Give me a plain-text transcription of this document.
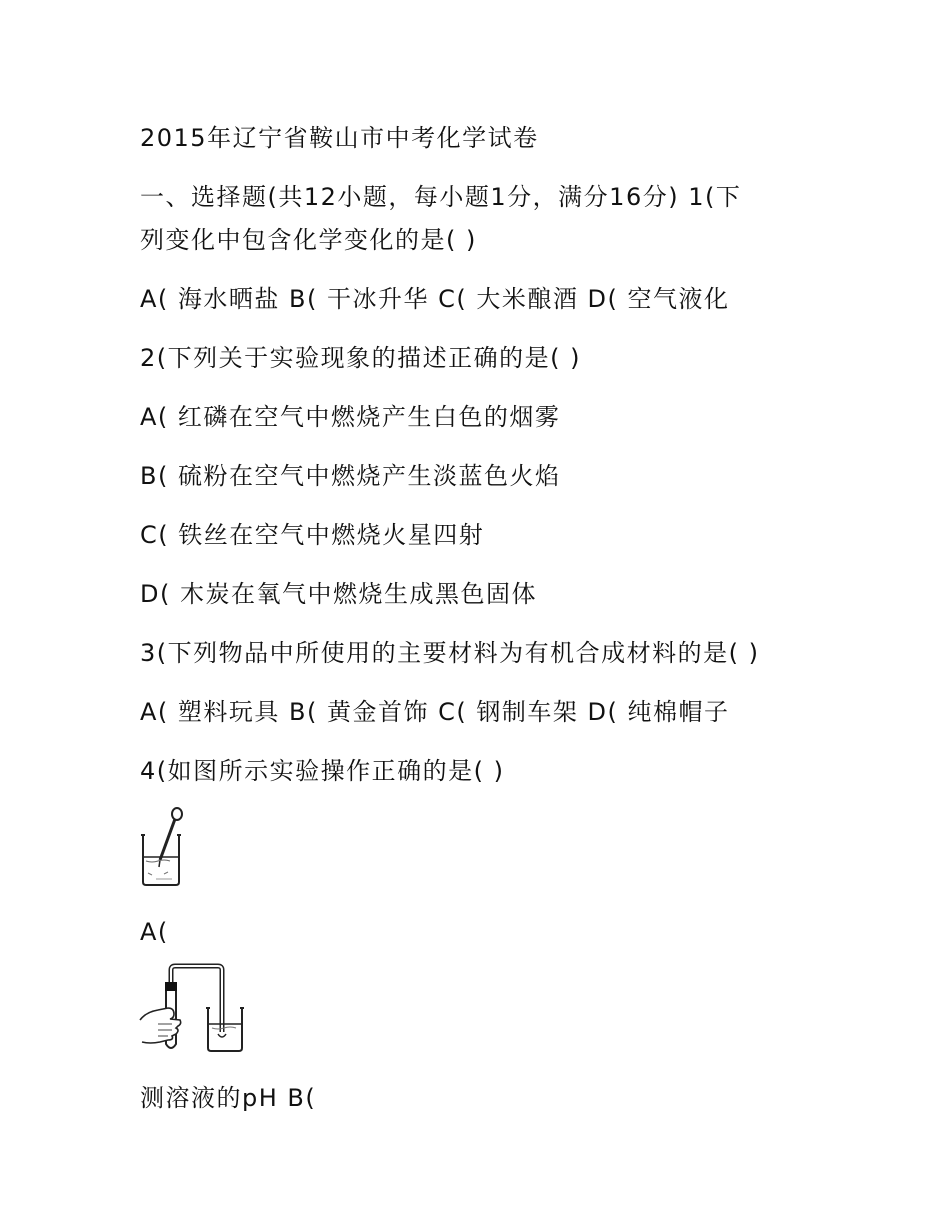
2015年辽宁省鞍山市中考化学试卷
一、选择题(共12小题，每小题1分，满分16分) 1(下
列变化中包含化学变化的是( )
A( 海水晒盐 B( 干冰升华 C( 大米酿酒 D( 空气液化
2(下列关于实验现象的描述正确的是( )
A( 红磷在空气中燃烧产生白色的烟雾
B( 硫粉在空气中燃烧产生淡蓝色火焰
C( 铁丝在空气中燃烧火星四射
D( 木炭在氧气中燃烧生成黑色固体
3(下列物品中所使用的主要材料为有机合成材料的是( )
A( 塑料玩具 B( 黄金首饰 C( 钢制车架 D( 纯棉帽子
4(如图所示实验操作正确的是( )
A(
测溶液的pH B(
